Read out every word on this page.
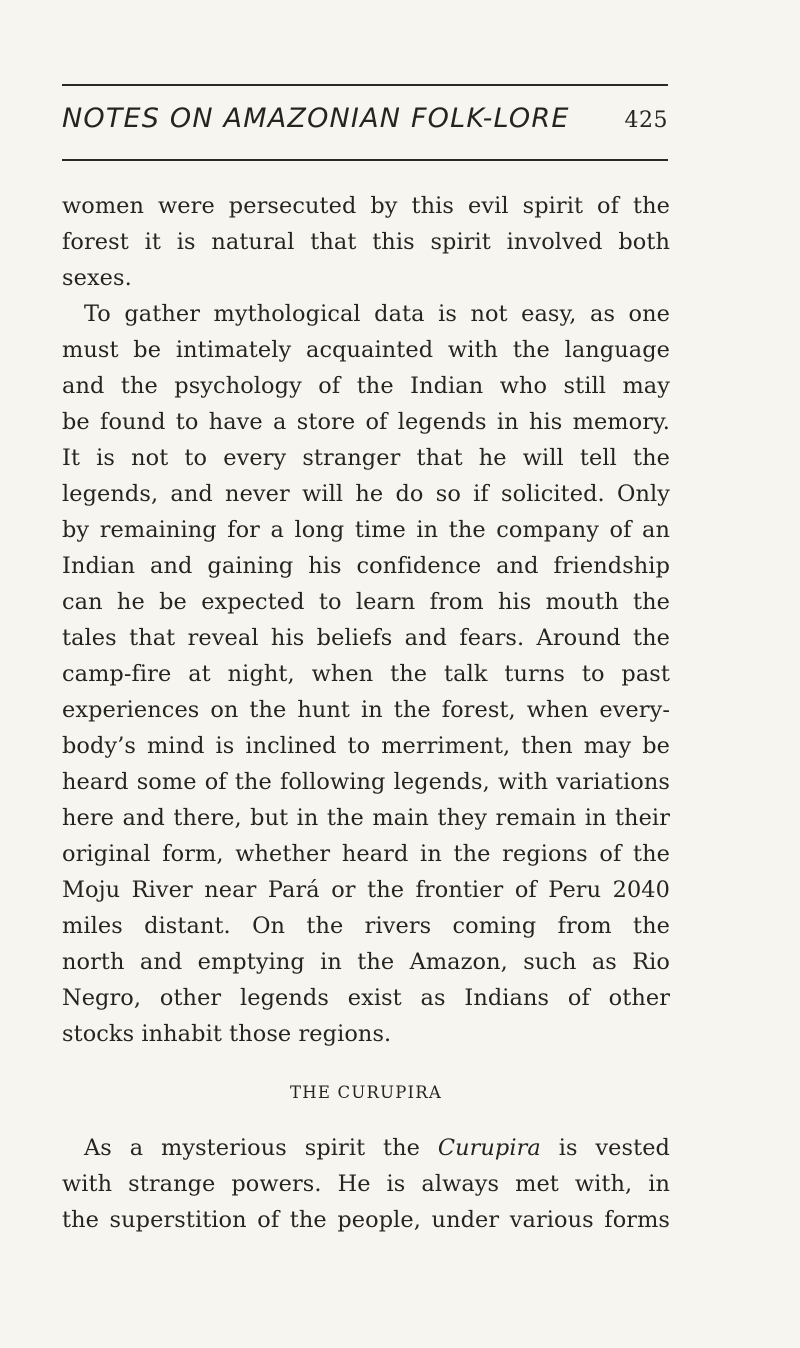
NOTES ON AMAZONIAN FOLK-LORE 425
women were persecuted by this evil spirit of the
forest it is natural that this spirit involved both
sexes.
To gather mythological data is not easy, as one
must be intimately acquainted with the language
and the psychology of the Indian who still may
be found to have a store of legends in his memory.
It is not to every stranger that he will tell the
legends, and never will he do so if solicited. Only
by remaining for a long time in the company of an
Indian and gaining his confidence and friendship
can he be expected to learn from his mouth the
tales that reveal his beliefs and fears. Around the
camp-fire at night, when the talk turns to past
experiences on the hunt in the forest, when every-
body’s mind is inclined to merriment, then may be
heard some of the following legends, with variations
here and there, but in the main they remain in their
original form, whether heard in the regions of the
Moju River near Pará or the frontier of Peru 2040
miles distant. On the rivers coming from the
north and emptying in the Amazon, such as Rio
Negro, other legends exist as Indians of other
stocks inhabit those regions.
THE CURUPIRA
As a mysterious spirit the Curupira is vested
with strange powers. He is always met with, in
the superstition of the people, under various forms
